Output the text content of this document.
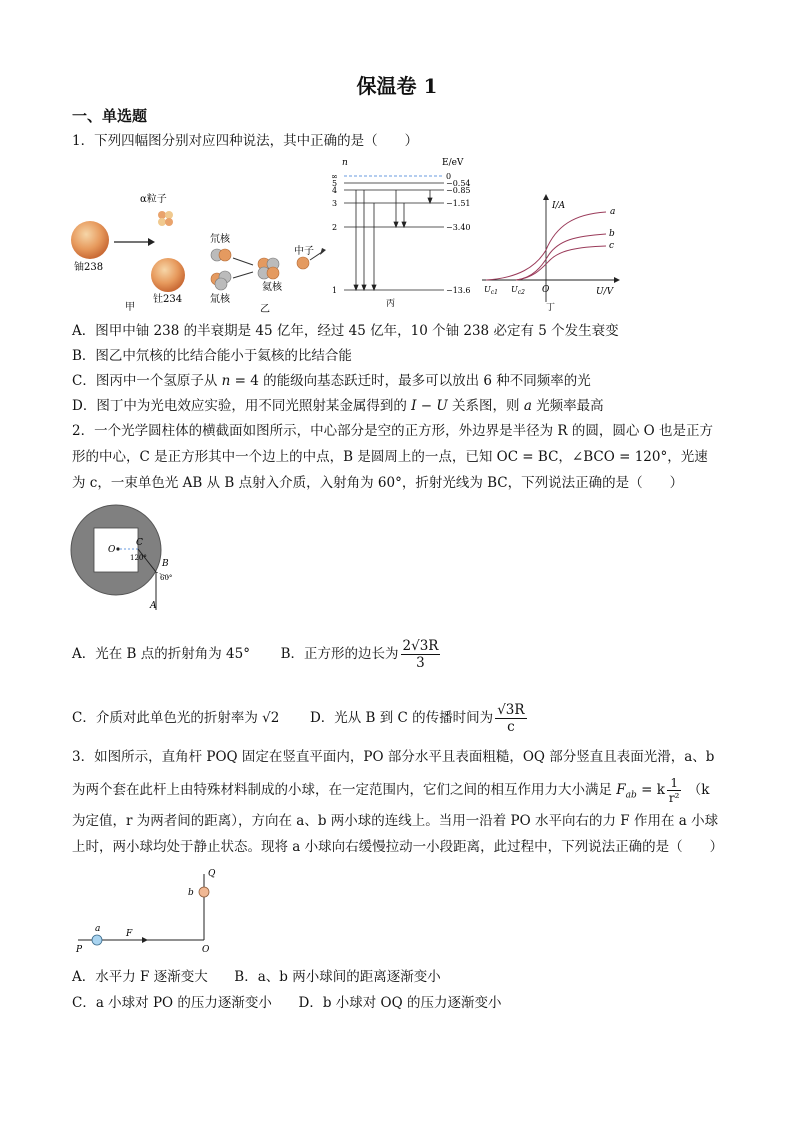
保温卷 1
一、单选题
1．下列四幅图分别对应四种说法，其中正确的是（　　）
α粒子
铀238
钍234
甲
氘核
氚核
氦核
中子
乙
n	E/eV
∞
5
4
3
2
1
0
−0.54
−0.85
−1.51
−3.40
−13.6
丙
I/A
U/V
O
a
b
c
$U_{c1}$ $U_{c2}$
丁
A．图甲中铀 238 的半衰期是 45 亿年，经过 45 亿年，10 个铀 238 必定有 5 个发生衰变
B．图乙中氘核的比结合能小于氦核的比结合能
C．图丙中一个氢原子从 n = 4 的能级向基态跃迁时，最多可以放出 6 种不同频率的光
D．图丁中为光电效应实验，用不同光照射某金属得到的 I − U 关系图，则 a 光频率最高
2．一个光学圆柱体的横截面如图所示，中心部分是空的正方形，外边界是半径为 R 的圆，圆心 O 也是正方
形的中心，C 是正方形其中一个边上的中点，B 是圆周上的一点，已知 OC = BC，∠BCO = 120°，光速
为 c，一束单色光 AB 从 B 点射入介质，入射角为 60°，折射光线为 BC，下列说法正确的是（　　）
O
C
B
A
120°
60°
A．光在 B 点的折射角为 45° B．正方形的边长为 $\frac{2√3R}{3}$
C．介质对此单色光的折射率为 √2 D．光从 B 到 C 的传播时间为 $\frac{√3R}{c}$
3．如图所示，直角杆 POQ 固定在竖直平面内，PO 部分水平且表面粗糙，OQ 部分竖直且表面光滑，a、b
为两个套在此杆上由特殊材料制成的小球，在一定范围内，它们之间的相互作用力大小满足 $F_{ab} = k \frac{1}{\text{r²}} (k$
为定值，r 为两者间的距离），方向在 a、b 两小球的连线上。当用一沿着 PO 水平向右的力 F 作用在 a 小球
上时，两小球均处于静止状态。现将 a 小球向右缓慢拉动一小段距离，此过程中，下列说法正确的是（　　）
Q
b
a	F
P	O
A．水平力 F 逐渐变大 B．a、b 两小球间的距离逐渐变小
C．a 小球对 PO 的压力逐渐变小 D．b 小球对 OQ 的压力逐渐变小
